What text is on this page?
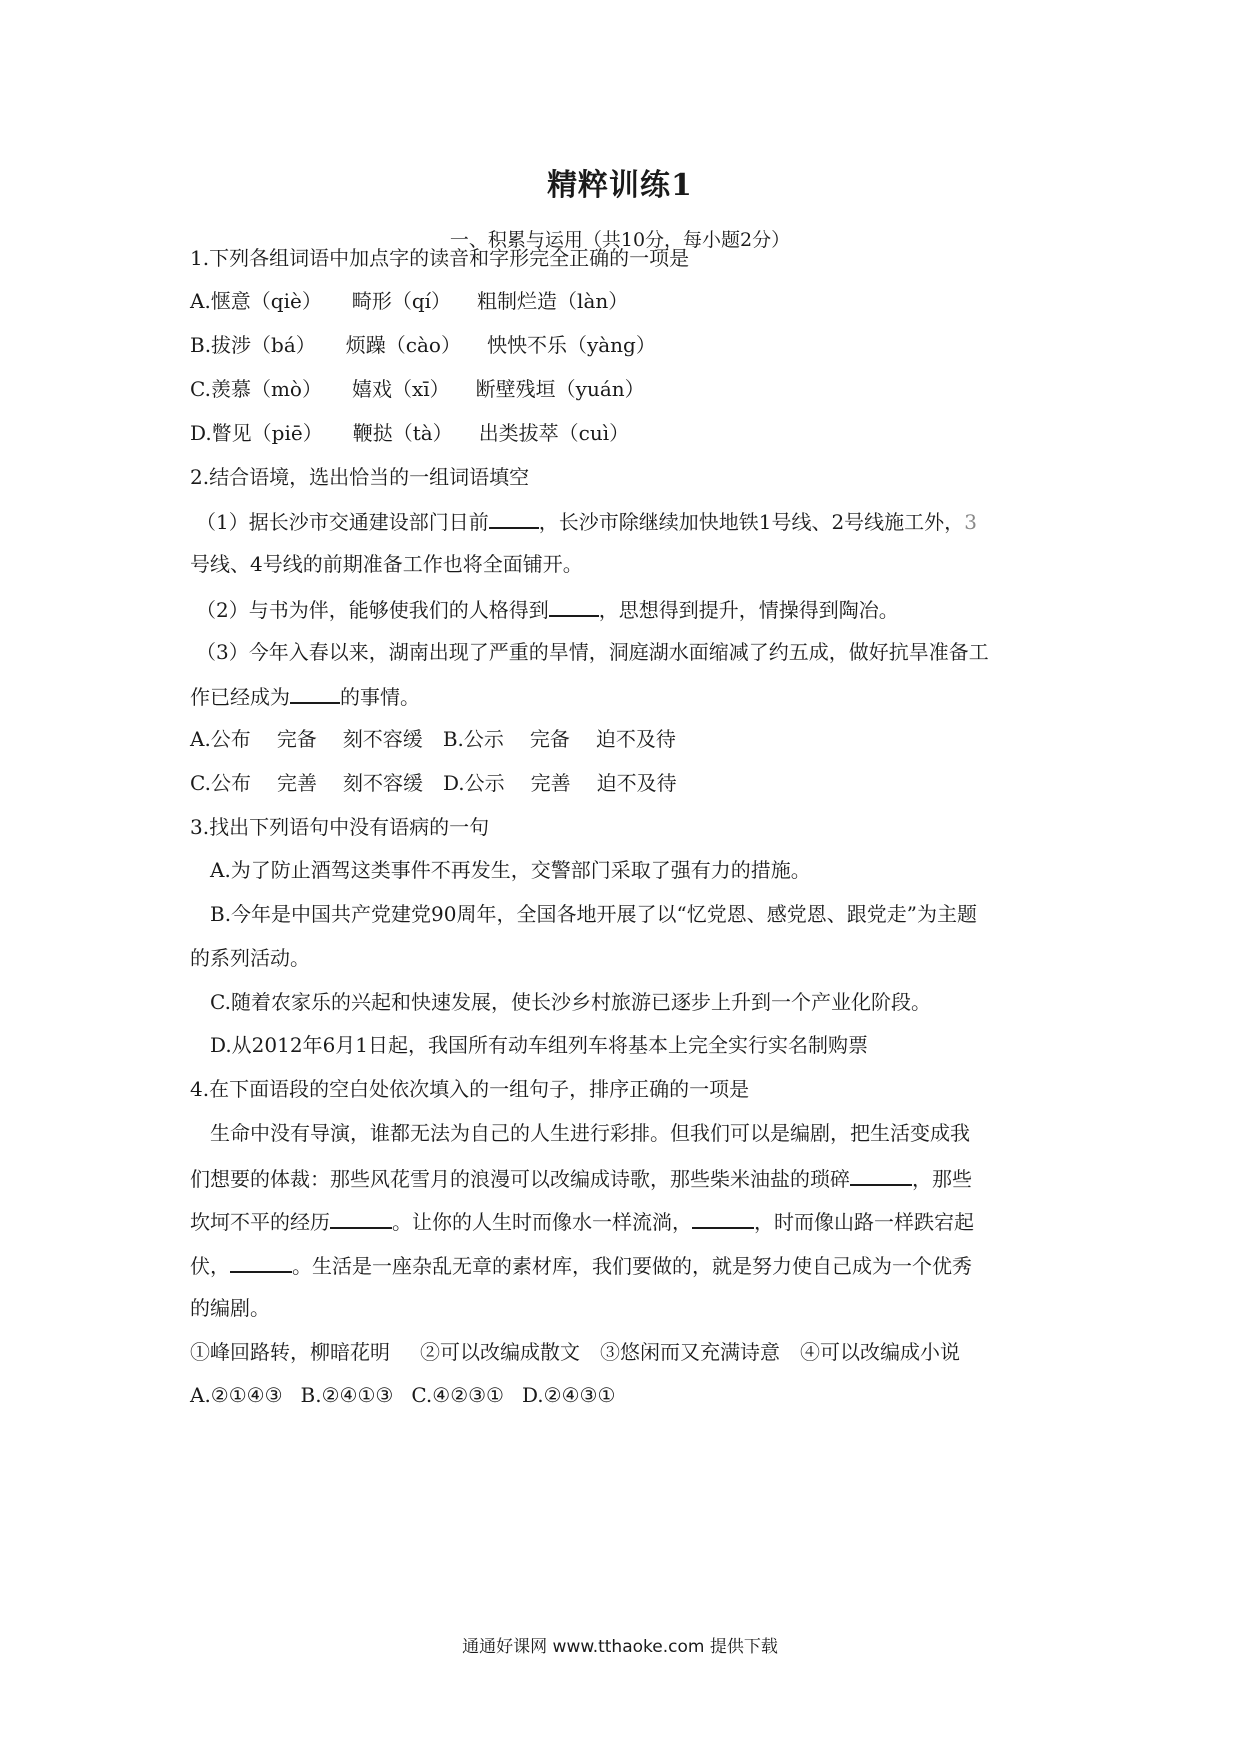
精粹训练1
一、积累与运用（共10分，每小题2分）
1.下列各组词语中加点字的读音和字形完全正确的一项是
A.惬意（qiè） 畸形（qí） 粗制烂造（làn）
B.拔涉（bá） 烦躁（cào） 怏怏不乐（yàng）
C.羡慕（mò） 嬉戏（xī） 断壁残垣（yuán）
D.瞥见（piē） 鞭挞（tà） 出类拔萃（cuì）
2.结合语境，选出恰当的一组词语填空
（1）据长沙市交通建设部门日前	，长沙市除继续加快地铁1号线、2号线施工外，3
号线、4号线的前期准备工作也将全面铺开。
（2）与书为伴，能够使我们的人格得到	，思想得到提升，情操得到陶冶。
（3）今年入春以来，湖南出现了严重的旱情，洞庭湖水面缩减了约五成，做好抗旱准备工
作已经成为	的事情。
A.公布 完备 刻不容缓 B.公示 完备 迫不及待
C.公布 完善 刻不容缓 D.公示 完善 迫不及待
3.找出下列语句中没有语病的一句
A.为了防止酒驾这类事件不再发生，交警部门采取了强有力的措施。
B.今年是中国共产党建党90周年，全国各地开展了以“忆党恩、感党恩、跟党走”为主题
的系列活动。
C.随着农家乐的兴起和快速发展，使长沙乡村旅游已逐步上升到一个产业化阶段。
D.从2012年6月1日起，我国所有动车组列车将基本上完全实行实名制购票
4.在下面语段的空白处依次填入的一组句子，排序正确的一项是
生命中没有导演，谁都无法为自己的人生进行彩排。但我们可以是编剧，把生活变成我
们想要的体裁：那些风花雪月的浪漫可以改编成诗歌，那些柴米油盐的琐碎	，那些
坎坷不平的经历	。让你的人生时而像水一样流淌，	，时而像山路一样跌宕起
伏，	。生活是一座杂乱无章的素材库，我们要做的，就是努力使自己成为一个优秀
的编剧。
①峰回路转，柳暗花明 ②可以改编成散文 ③悠闲而又充满诗意 ④可以改编成小说
A.②①④③ B.②④①③ C.④②③① D.②④③①
通通好课网 www.tthaoke.com 提供下载
